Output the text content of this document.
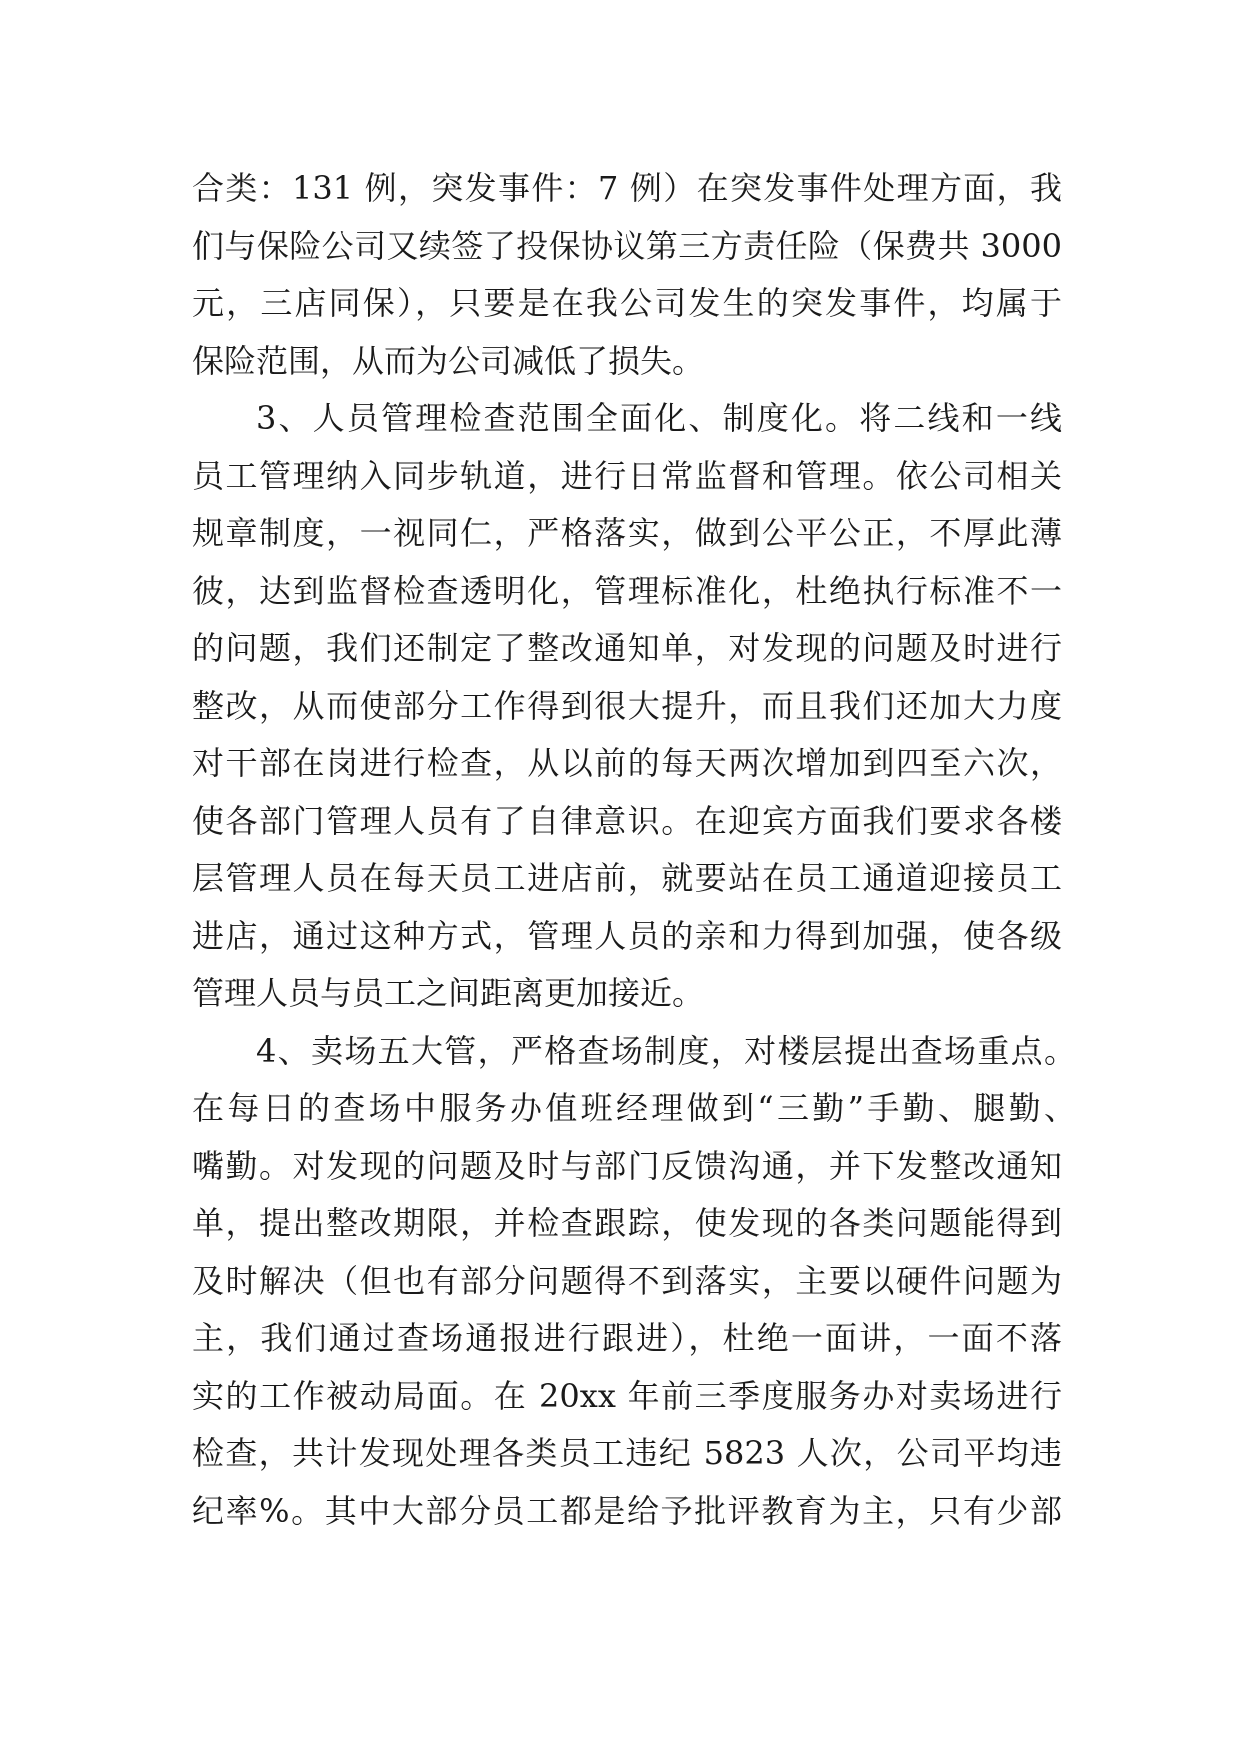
合类：131 例，突发事件：7 例）在突发事件处理方面，我
们与保险公司又续签了投保协议第三方责任险（保费共 3000
元，三店同保），只要是在我公司发生的突发事件，均属于
保险范围，从而为公司减低了损失。
3、人员管理检查范围全面化、制度化。将二线和一线
员工管理纳入同步轨道，进行日常监督和管理。依公司相关
规章制度，一视同仁，严格落实，做到公平公正，不厚此薄
彼，达到监督检查透明化，管理标准化，杜绝执行标准不一
的问题，我们还制定了整改通知单，对发现的问题及时进行
整改，从而使部分工作得到很大提升，而且我们还加大力度
对干部在岗进行检查，从以前的每天两次增加到四至六次，
使各部门管理人员有了自律意识。在迎宾方面我们要求各楼
层管理人员在每天员工进店前，就要站在员工通道迎接员工
进店，通过这种方式，管理人员的亲和力得到加强，使各级
管理人员与员工之间距离更加接近。
4、卖场五大管，严格查场制度，对楼层提出查场重点。
在每日的查场中服务办值班经理做到“三勤”手勤、腿勤、
嘴勤。对发现的问题及时与部门反馈沟通，并下发整改通知
单，提出整改期限，并检查跟踪，使发现的各类问题能得到
及时解决（但也有部分问题得不到落实，主要以硬件问题为
主，我们通过查场通报进行跟进），杜绝一面讲，一面不落
实的工作被动局面。在 20xx 年前三季度服务办对卖场进行
检查，共计发现处理各类员工违纪 5823 人次，公司平均违
纪率%。其中大部分员工都是给予批评教育为主，只有少部
